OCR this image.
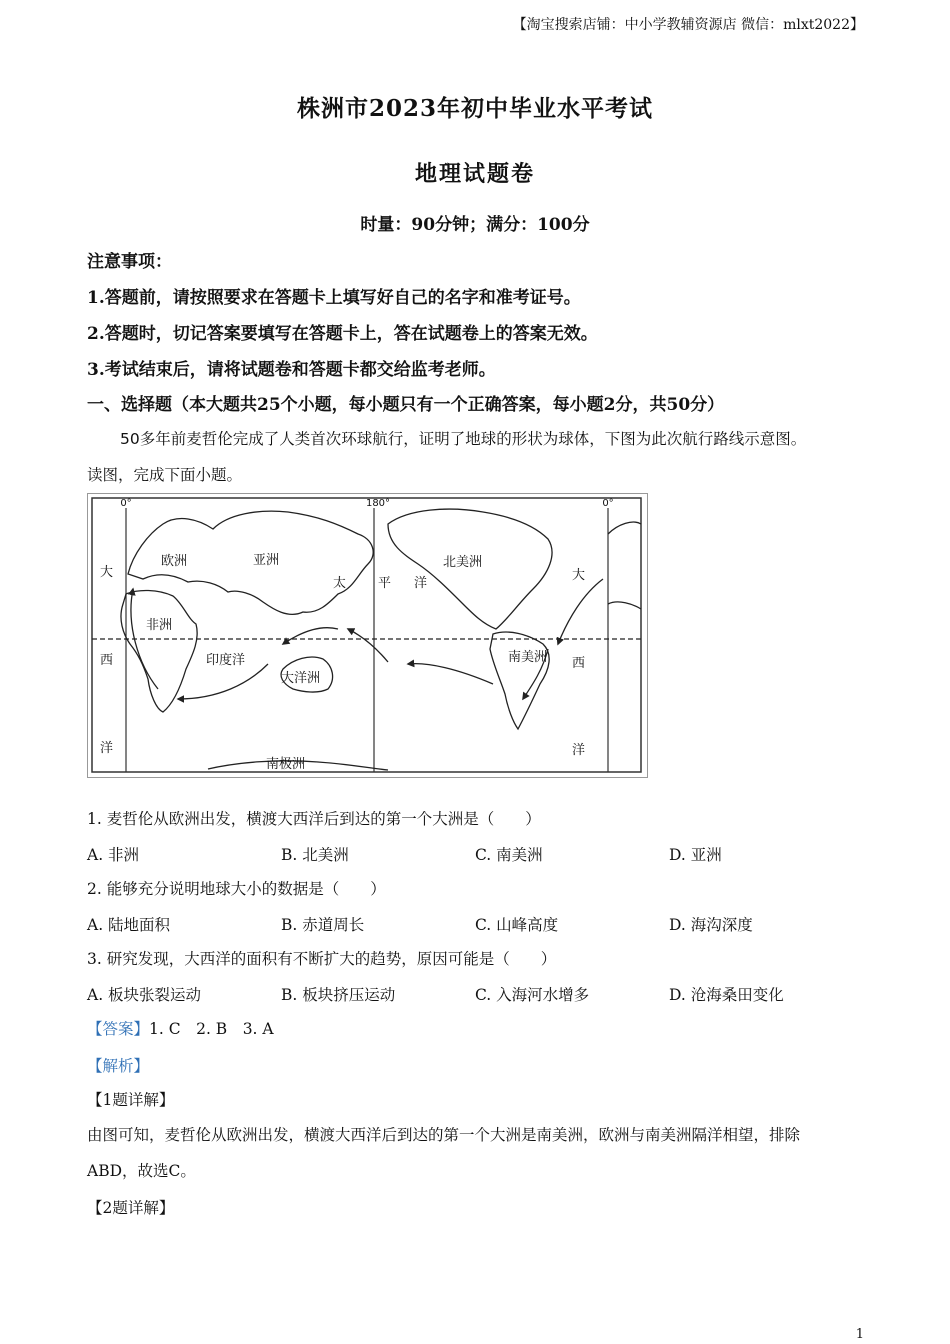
【淘宝搜索店铺：中小学教辅资源店 微信：mlxt2022】
株洲市2023年初中毕业水平考试
地理试题卷
时量：90分钟；满分：100分
注意事项：
1.答题前，请按照要求在答题卡上填写好自己的名字和准考证号。
2.答题时，切记答案要填写在答题卡上，答在试题卷上的答案无效。
3.考试结束后，请将试题卷和答题卡都交给监考老师。
一、选择题（本大题共25个小题，每小题只有一个正确答案，每小题2分，共50分）
50多年前麦哲伦完成了人类首次环球航行，证明了地球的形状为球体，下图为此次航行路线示意图。
读图，完成下面小题。
0°	180°	0°
欧洲	亚洲	北美洲
非洲
印度洋
大洋洲
南美洲
南极洲
太 平 洋
大
西
洋
大
西
洋
1. 麦哲伦从欧洲出发，横渡大西洋后到达的第一个大洲是（　　）
A. 非洲	B. 北美洲	C. 南美洲	D. 亚洲
2. 能够充分说明地球大小的数据是（　　）
A. 陆地面积	B. 赤道周长	C. 山峰高度	D. 海沟深度
3. 研究发现，大西洋的面积有不断扩大的趋势，原因可能是（　　）
A. 板块张裂运动	B. 板块挤压运动	C. 入海河水增多	D. 沧海桑田变化
【答案】1. C　2. B　3. A
【解析】
【1题详解】
由图可知，麦哲伦从欧洲出发，横渡大西洋后到达的第一个大洲是南美洲，欧洲与南美洲隔洋相望，排除
ABD，故选C。
【2题详解】
1
